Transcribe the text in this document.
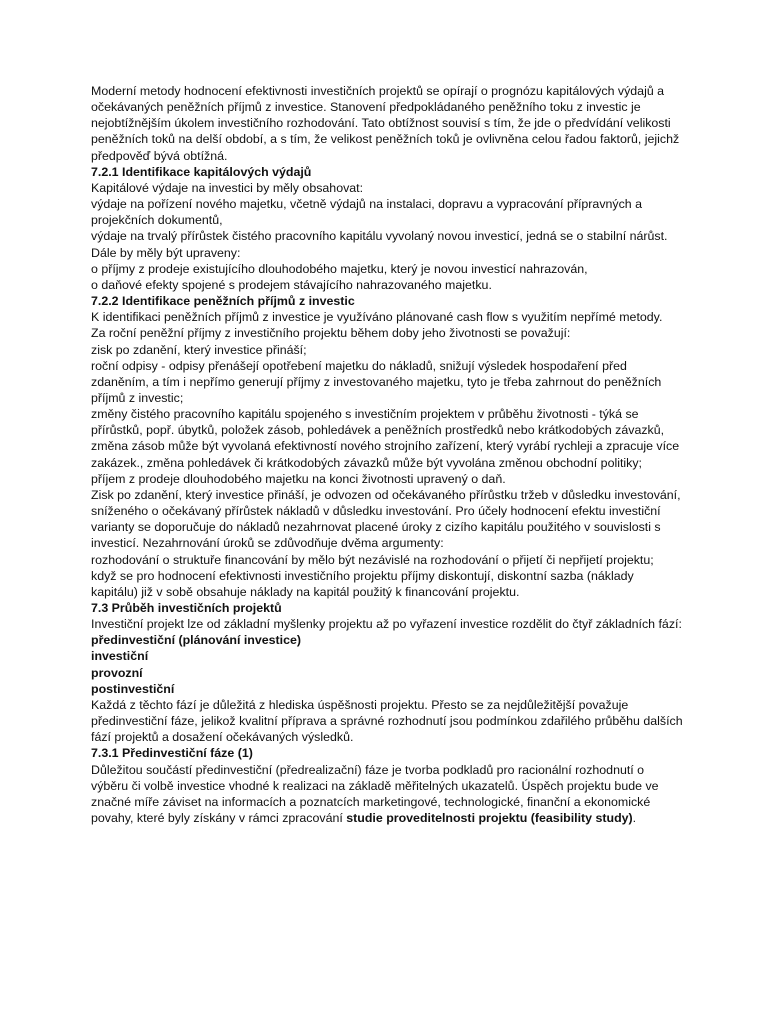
Moderní metody hodnocení efektivnosti investičních projektů se opírají o prognózu kapitálových výdajů a očekávaných peněžních příjmů z investice. Stanovení předpokládaného peněžního toku z investic je nejobtížnějším úkolem investičního rozhodování. Tato obtížnost souvisí s tím, že jde o předvídání velikosti peněžních toků na delší období, a s tím, že velikost peněžních toků je ovlivněna celou řadou faktorů, jejichž předpověď bývá obtížná.

7.2.1 Identifikace kapitálových výdajů

Kapitálové výdaje na investici by měly obsahovat:

výdaje na pořízení nového majetku, včetně výdajů na instalaci, dopravu a vypracování přípravných a projekčních dokumentů,

výdaje na trvalý přírůstek čistého pracovního kapitálu vyvolaný novou investicí, jedná se o stabilní nárůst.

Dále by měly být upraveny:

o příjmy z prodeje existujícího dlouhodobého majetku, který je novou investicí nahrazován,

o daňové efekty spojené s prodejem stávajícího nahrazovaného majetku.

7.2.2 Identifikace peněžních příjmů z investic

K identifikaci peněžních příjmů z investice je využíváno plánované cash flow s využitím nepřímé metody.

Za roční peněžní příjmy z investičního projektu během doby jeho životnosti se považují:

zisk po zdanění, který investice přináší;

roční odpisy - odpisy přenášejí opotřebení majetku do nákladů, snižují výsledek hospodaření před zdaněním, a tím i nepřímo generují příjmy z investovaného majetku, tyto je třeba zahrnout do peněžních příjmů z investic;

změny čistého pracovního kapitálu spojeného s investičním projektem v průběhu životnosti - týká se přírůstků, popř. úbytků, položek zásob, pohledávek a peněžních prostředků nebo krátkodobých závazků, změna zásob může být vyvolaná efektivností nového strojního zařízení, který vyrábí rychleji a zpracuje více zakázek., změna pohledávek či krátkodobých závazků může být vyvolána změnou obchodní politiky;

příjem z prodeje dlouhodobého majetku na konci životnosti upravený o daň.

Zisk po zdanění, který investice přináší, je odvozen od očekávaného přírůstku tržeb v důsledku investování, sníženého o očekávaný přírůstek nákladů v důsledku investování. Pro účely hodnocení efektu investiční varianty se doporučuje do nákladů nezahrnovat placené úroky z cizího kapitálu použitého v souvislosti s investicí. Nezahrnování úroků se zdůvodňuje dvěma argumenty:

rozhodování o struktuře financování by mělo být nezávislé na rozhodování o přijetí či nepřijetí projektu;

když se pro hodnocení efektivnosti investičního projektu příjmy diskontují, diskontní sazba (náklady kapitálu) již v sobě obsahuje náklady na kapitál použitý k financování projektu.

7.3 Průběh investičních projektů

Investiční projekt lze od základní myšlenky projektu až po vyřazení investice rozdělit do čtyř základních fází:

předinvestiční (plánování investice)

investiční

provozní

postinvestiční

Každá z těchto fází je důležitá z hlediska úspěšnosti projektu. Přesto se za nejdůležitější považuje předinvestiční fáze, jelikož kvalitní příprava a správné rozhodnutí jsou podmínkou zdařilého průběhu dalších fází projektů a dosažení očekávaných výsledků.

7.3.1 Předinvestiční fáze (1)

Důležitou součástí předinvestiční (předrealizační) fáze je tvorba podkladů pro racionální rozhodnutí o výběru či volbě investice vhodné k realizaci na základě měřitelných ukazatelů. Úspěch projektu bude ve značné míře záviset na informacích a poznatcích marketingové, technologické, finanční a ekonomické povahy, které byly získány v rámci zpracování studie proveditelnosti projektu (feasibility study).
